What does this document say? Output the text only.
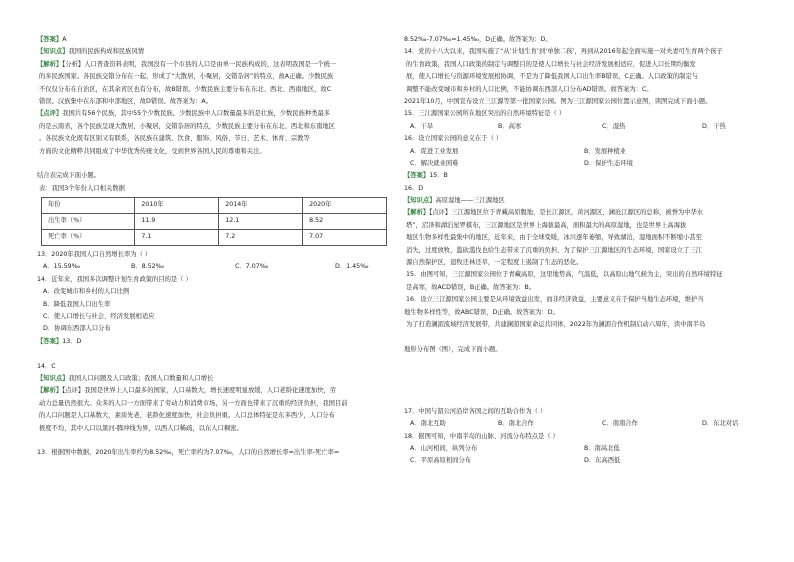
【答案】A
【知识点】我国的民族构成和民族风情
【解析】【分析】人口普查资料表明，我国没有一个市县的人口是由单一民族构成的，这表明我国是一个统一
的多民族国家。各民族交错分布在一起，形成了“大散居，小聚居，交错杂居”的特点，故A正确。少数民族
不仅仅分布在自治区，在其余省区也有分布，故B错误。少数民族主要分布在东北、西北、西南地区，故C
错误。汉族集中在东部和中部地区，故D错误。故答案为：A。
【点评】我国共有56个民族，其中55个少数民族。少数民族中人口数量最多的是壮族，少数民族种类最多
的是云南省，各个民族呈现大散居，小聚居，交错杂居的特点，少数民族主要分布在东北、西北和东南地区
。各民族文化既有区别又有联系，各民族在建筑、饮食、服饰、风俗、节日、艺术、体育、宗教等
方面的文化精粹共同组成了中华优秀传统文化，受到世界各国人民的尊重和关注。
结合表完成下面小题。
表：我国3个年份人口相关数据
年份	2010年	2014年	2020年
出生率（%）	11.9	12.1	8.52
死亡率（%）	7.1	7.2	7.07
13．2020年我国人口自然增长率为（ ）
A．15.59‰	B．8.52‰	C．7.07‰	D．1.45‰
14．近年来，我国多次调整计划生育政策的目的是（ ）
A．改变城市和乡村的人口比例
B．降低我国人口出生率
C．使人口增长与社会、经济发展相适应
D．协调东西部人口分布
【答案】13．D
14．C
【知识点】我国人口问题及人口政策；我国人口数量和人口增长
【解析】【点评】我国是世界上人口最多的国家，人口基数大，增长速度明显放缓，人口老龄化速度加快，劳
动力总量仍然很大。众多的人口一方面带来了劳动力和消费市场，另一方面也带来了沉重的经济负担，我国目前
的人口问题是人口基数大，素质先老，老龄化速度加快，社会负担重。人口总体特征是东多西少，人口分布
极度不均，其中人口以黑河-腾冲线为界，以西人口稀疏，以东人口稠密。
13．根据图中数据，2020年出生率约为8.52‰，死亡率约为7.07‰，人口的自然增长率=出生率-死亡率=
8.52‰-7.07‰=1.45‰，D正确。故答案为：D。
14．党的十八大以来，我国实施了“从‘计划生育’到‘单独二孩’，再到从2016年起全面实施一对夫妻可生育两个孩子
的生育政策，我国人口政策的制定与调整目的是使人口增长与社会经济发展相适应，促进人口长期均衡发
展，使人口增长与资源环境发展相协调，不是为了降低我国人口出生率B错误，C正确。人口政策的制定与
调整不能改变城市和乡村的人口比例，不能协调东西部人口分布AD错误。故答案为：C。
2021年10月，中国宣布设立三江源等第一批国家公园。图为三江源国家公园位置示意图，读图完成下面小题。
15．三江源国家公园所在地区突出的自然环境特征是（ ）
A．干旱	B．高寒	C．湿热	D．干热
16．设立国家公园的意义在于（ ）
A．促进工业发展	B．发展种植业
C．解决就业困难	D．保护生态环境
【答案】15．B
16．D
【知识点】高原湿地——三江源地区
【解析】【点评】三江源地区位于青藏高原腹地，是长江源区，黄河源区，澜沧江源区的总称，被誉为中华水
塔”，沼泽和湖泊星罗棋布，三江源地区是世界上海拔最高，面积最大的高原湿地，也是世界上高海拔
地区生物多样性最集中的地区，近年来，由于全球变暖，冰川逐年萎缩，导致湖泊，湿地面积不断缩小甚至
消失，过度放牧，滥砍滥伐也给生态带来了沉重的负担，为了保护三江源地区的生态环境，国家设立了三江
源自然保护区，退牧还林还草，一定程度上遏制了生态的恶化。
15．由图可知，三江源国家公园位于青藏高原，这里地势高，气温低，以高原山地气候为主，突出的自然环境特征
是高寒，故ACD错误，B正确。故答案为：B。
16．设立三江源国家公园主要是从环境效益出发，而非经济效益，主要意义在于保护当地生态环境，维护当
地生物多样性等，故ABC错误，D正确。故答案为：D。
为了打造澜湄流域经济发展带，共建澜湄国家命运共同体，2022年为澜湄合作机制启动六周年，读中南半岛
地形分布图（图），完成下面小题。
17．中国与湄公河沿岸各国之间的互助合作为（ ）
A．南北互助	B．南北合作	C．南南合作	D．东北对话
18．据图可知，中南半岛的山脉、河流分布特点是（ ）
A．山河相间，纵列分布	B．南高北低
C．平原高原相间分布	D．东高西低
